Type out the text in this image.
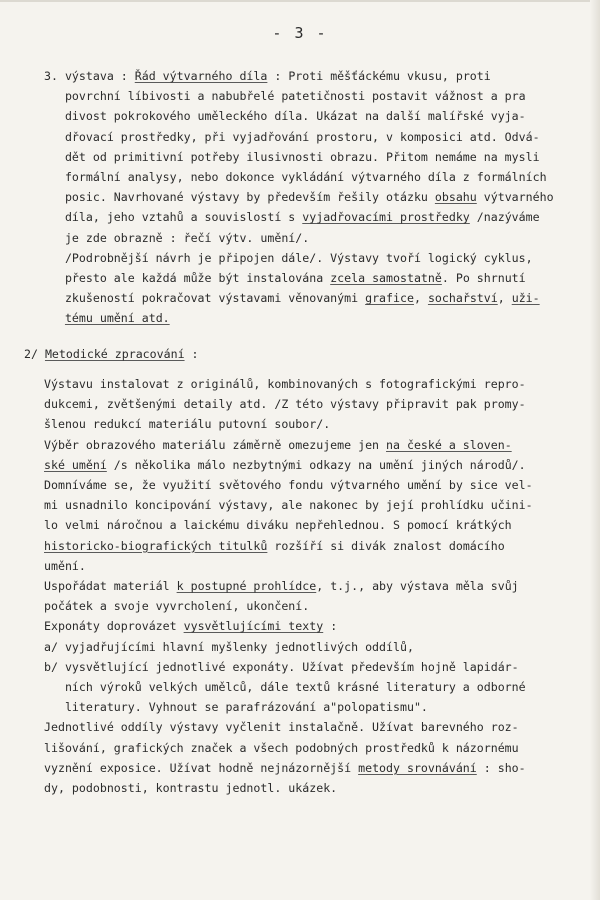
- 3 -
3. výstava : Řád výtvarného díla : Proti měšťáckému vkusu, proti
povrchní líbivosti a nabubřelé patetičnosti postavit vážnost a pra
divost pokrokového uměleckého díla. Ukázat na další malířské vyja-
dřovací prostředky, při vyjadřování prostoru, v komposici atd. Odvá-
dět od primitivní potřeby ilusivnosti obrazu. Přitom nemáme na mysli
formální analysy, nebo dokonce vykládání výtvarného díla z formálních
posic. Navrhované výstavy by především řešily otázku obsahu výtvarného
díla, jeho vztahů a souvislostí s vyjadřovacími prostředky /nazýváme
je zde obrazně : řečí výtv. umění/.
/Podrobnější návrh je připojen dále/. Výstavy tvoří logický cyklus,
přesto ale každá může být instalována zcela samostatně. Po shrnutí
zkušeností pokračovat výstavami věnovanými grafice, sochařství, uži-
tému umění atd.
2/ Metodické zpracování :
Výstavu instalovat z originálů, kombinovaných s fotografickými repro-
dukcemi, zvětšenými detaily atd. /Z této výstavy připravit pak promy-
šlenou redukcí materiálu putovní soubor/.
Výběr obrazového materiálu záměrně omezujeme jen na české a sloven-
ské umění /s několika málo nezbytnými odkazy na umění jiných národů/.
Domníváme se, že využití světového fondu výtvarného umění by sice vel-
mi usnadnilo koncipování výstavy, ale nakonec by její prohlídku učini-
lo velmi náročnou a laickému diváku nepřehlednou. S pomocí krátkých
historicko-biografických titulků rozšíří si divák znalost domácího
umění.
Uspořádat materiál k postupné prohlídce, t.j., aby výstava měla svůj
počátek a svoje vyvrcholení, ukončení.
Exponáty doprovázet vysvětlujícími texty :
a/ vyjadřujícími hlavní myšlenky jednotlivých oddílů,
b/ vysvětlující jednotlivé exponáty. Užívat především hojně lapidár-
ních výroků velkých umělců, dále textů krásné literatury a odborné
literatury. Vyhnout se parafrázování a"polopatismu".
Jednotlivé oddíly výstavy vyčlenit instalačně. Užívat barevného roz-
lišování, grafických značek a všech podobných prostředků k názornému
vyznění exposice. Užívat hodně nejnázornější metody srovnávání : sho-
dy, podobnosti, kontrastu jednotl. ukázek.
